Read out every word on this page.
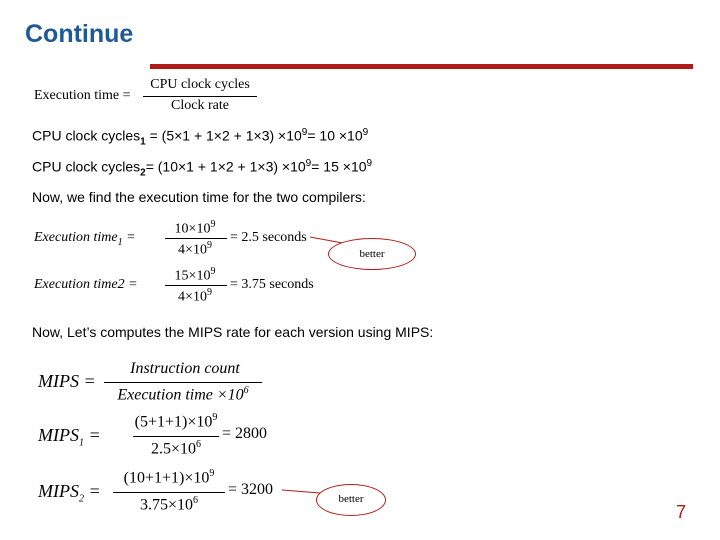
Continue
Execution time =
CPU clock cycles
Clock rate
CPU clock cycles$_1$ = $(5\times 1 + 1\times 2 + 1\times 3) \times 10^9= 10 \times 10^9$
CPU clock cycles$_2$= $(10\times 1 + 1\times 2 + 1\times 3) \times 10^9= 15 \times 10^9$
Now, we find the execution time for the two compilers:
Execution time$_1$ =
$10\times 10^9$
$4\times 10^9$
= 2.5 seconds
better
Execution time2 =
$15\times 10^9$
$4\times 10^9$
= 3.75 seconds
Now, Let’s computes the MIPS rate for each version using MIPS:
MIPS =
Instruction count
Execution time $\times 10^6$
$MIPS_1$ =
$(5+1+1)\times 10^9$
$2.5\times 10^6$
= 2800
$MIPS_2$ =
$(10+1+1)\times 10^9$
$3.75\times 10^6$
= 3200
better
7
